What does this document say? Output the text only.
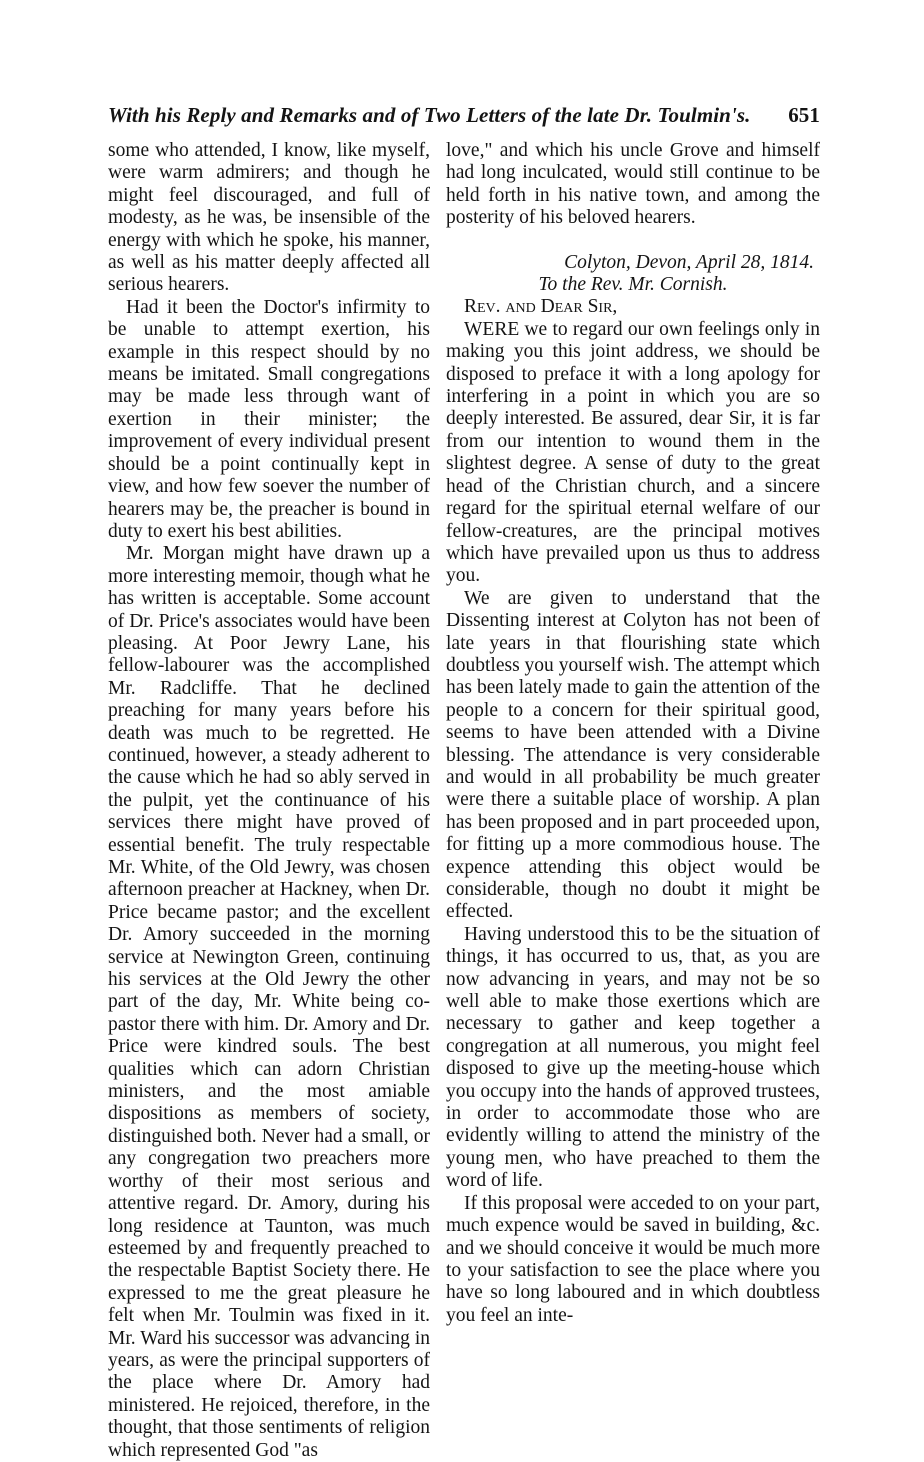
With his Reply and Remarks and of Two Letters of the late Dr. Toulmin's. 651

some who attended, I know, like myself, were warm admirers; and though he might feel discouraged, and full of modesty, as he was, be insensible of the energy with which he spoke, his manner, as well as his matter deeply affected all serious hearers.

Had it been the Doctor's infirmity to be unable to attempt exertion, his example in this respect should by no means be imitated. Small congregations may be made less through want of exertion in their minister; the improvement of every individual present should be a point continually kept in view, and how few soever the number of hearers may be, the preacher is bound in duty to exert his best abilities.

Mr. Morgan might have drawn up a more interesting memoir, though what he has written is acceptable. Some account of Dr. Price's associates would have been pleasing. At Poor Jewry Lane, his fellow-labourer was the accomplished Mr. Radcliffe. That he declined preaching for many years before his death was much to be regretted. He continued, however, a steady adherent to the cause which he had so ably served in the pulpit, yet the continuance of his services there might have proved of essential benefit. The truly respectable Mr. White, of the Old Jewry, was chosen afternoon preacher at Hackney, when Dr. Price became pastor; and the excellent Dr. Amory succeeded in the morning service at Newington Green, continuing his services at the Old Jewry the other part of the day, Mr. White being co-pastor there with him. Dr. Amory and Dr. Price were kindred souls. The best qualities which can adorn Christian ministers, and the most amiable dispositions as members of society, distinguished both. Never had a small, or any congregation two preachers more worthy of their most serious and attentive regard. Dr. Amory, during his long residence at Taunton, was much esteemed by and frequently preached to the respectable Baptist Society there. He expressed to me the great pleasure he felt when Mr. Toulmin was fixed in it. Mr. Ward his successor was advancing in years, as were the principal supporters of the place where Dr. Amory had ministered. He rejoiced, therefore, in the thought, that those sentiments of religion which represented God "as

love," and which his uncle Grove and himself had long inculcated, would still continue to be held forth in his native town, and among the posterity of his beloved hearers.

Colyton, Devon, April 28, 1814.
To the Rev. Mr. Cornish.
Rev. and Dear Sir,

WERE we to regard our own feelings only in making you this joint address, we should be disposed to preface it with a long apology for interfering in a point in which you are so deeply interested. Be assured, dear Sir, it is far from our intention to wound them in the slightest degree. A sense of duty to the great head of the Christian church, and a sincere regard for the spiritual eternal welfare of our fellow-creatures, are the principal motives which have prevailed upon us thus to address you.

We are given to understand that the Dissenting interest at Colyton has not been of late years in that flourishing state which doubtless you yourself wish. The attempt which has been lately made to gain the attention of the people to a concern for their spiritual good, seems to have been attended with a Divine blessing. The attendance is very considerable and would in all probability be much greater were there a suitable place of worship. A plan has been proposed and in part proceeded upon, for fitting up a more commodious house. The expence attending this object would be considerable, though no doubt it might be effected.

Having understood this to be the situation of things, it has occurred to us, that, as you are now advancing in years, and may not be so well able to make those exertions which are necessary to gather and keep together a congregation at all numerous, you might feel disposed to give up the meeting-house which you occupy into the hands of approved trustees, in order to accommodate those who are evidently willing to attend the ministry of the young men, who have preached to them the word of life.

If this proposal were acceded to on your part, much expence would be saved in building, &c. and we should conceive it would be much more to your satisfaction to see the place where you have so long laboured and in which doubtless you feel an inte-
